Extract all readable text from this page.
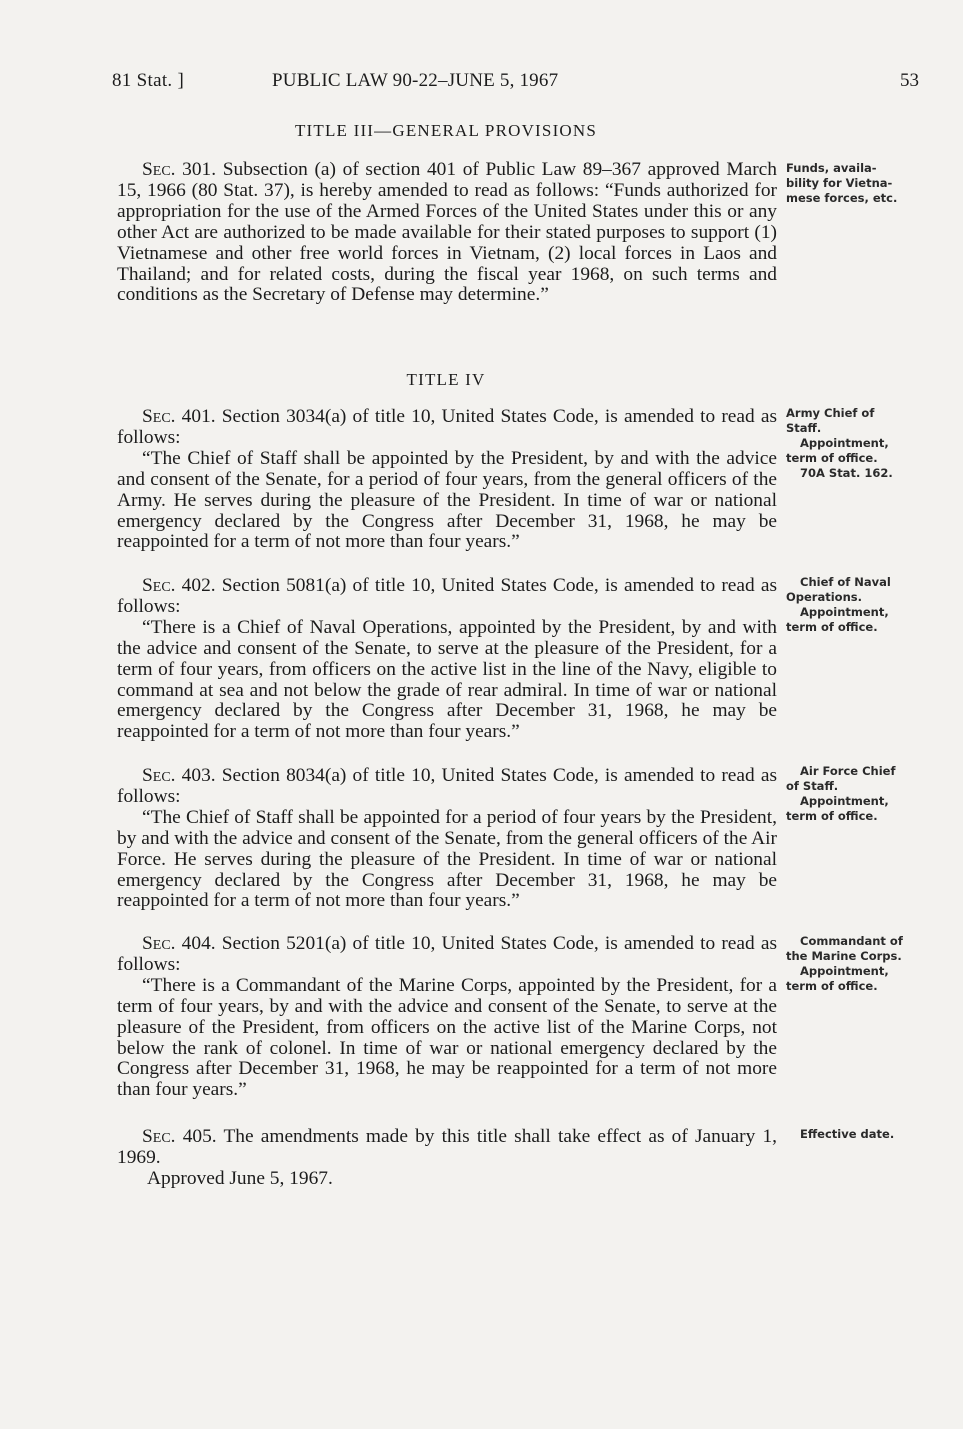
81 Stat. ]	PUBLIC LAW 90-22–JUNE 5, 1967	53
TITLE III—GENERAL PROVISIONS

Sec. 301. Subsection (a) of section 401 of Public Law 89–367 approved March 15, 1966 (80 Stat. 37), is hereby amended to read as follows: “Funds authorized for appropriation for the use of the Armed Forces of the United States under this or any other Act are authorized to be made available for their stated purposes to support (1) Vietnamese and other free world forces in Vietnam, (2) local forces in Laos and Thailand; and for related costs, during the fiscal year 1968, on such terms and conditions as the Secretary of Defense may determine.”

TITLE IV

Sec. 401. Section 3034(a) of title 10, United States Code, is amended to read as follows:

“The Chief of Staff shall be appointed by the President, by and with the advice and consent of the Senate, for a period of four years, from the general officers of the Army. He serves during the pleasure of the President. In time of war or national emergency declared by the Congress after December 31, 1968, he may be reappointed for a term of not more than four years.”

Sec. 402. Section 5081(a) of title 10, United States Code, is amended to read as follows:

“There is a Chief of Naval Operations, appointed by the President, by and with the advice and consent of the Senate, to serve at the pleasure of the President, for a term of four years, from officers on the active list in the line of the Navy, eligible to command at sea and not below the grade of rear admiral. In time of war or national emergency declared by the Congress after December 31, 1968, he may be reappointed for a term of not more than four years.”

Sec. 403. Section 8034(a) of title 10, United States Code, is amended to read as follows:

“The Chief of Staff shall be appointed for a period of four years by the President, by and with the advice and consent of the Senate, from the general officers of the Air Force. He serves during the pleasure of the President. In time of war or national emergency declared by the Congress after December 31, 1968, he may be reappointed for a term of not more than four years.”

Sec. 404. Section 5201(a) of title 10, United States Code, is amended to read as follows:

“There is a Commandant of the Marine Corps, appointed by the President, for a term of four years, by and with the advice and consent of the Senate, to serve at the pleasure of the President, from officers on the active list of the Marine Corps, not below the rank of colonel. In time of war or national emergency declared by the Congress after December 31, 1968, he may be reappointed for a term of not more than four years.”

Sec. 405. The amendments made by this title shall take effect as of January 1, 1969.

Approved June 5, 1967.
Funds, availa-
bility for Vietna-
mese forces, etc.
Army Chief of
Staff.
Appointment,
term of office.
70A Stat. 162.
Chief of Naval
Operations.
Appointment,
term of office.
Air Force Chief
of Staff.
Appointment,
term of office.
Commandant of
the Marine Corps.
Appointment,
term of office.
Effective date.
